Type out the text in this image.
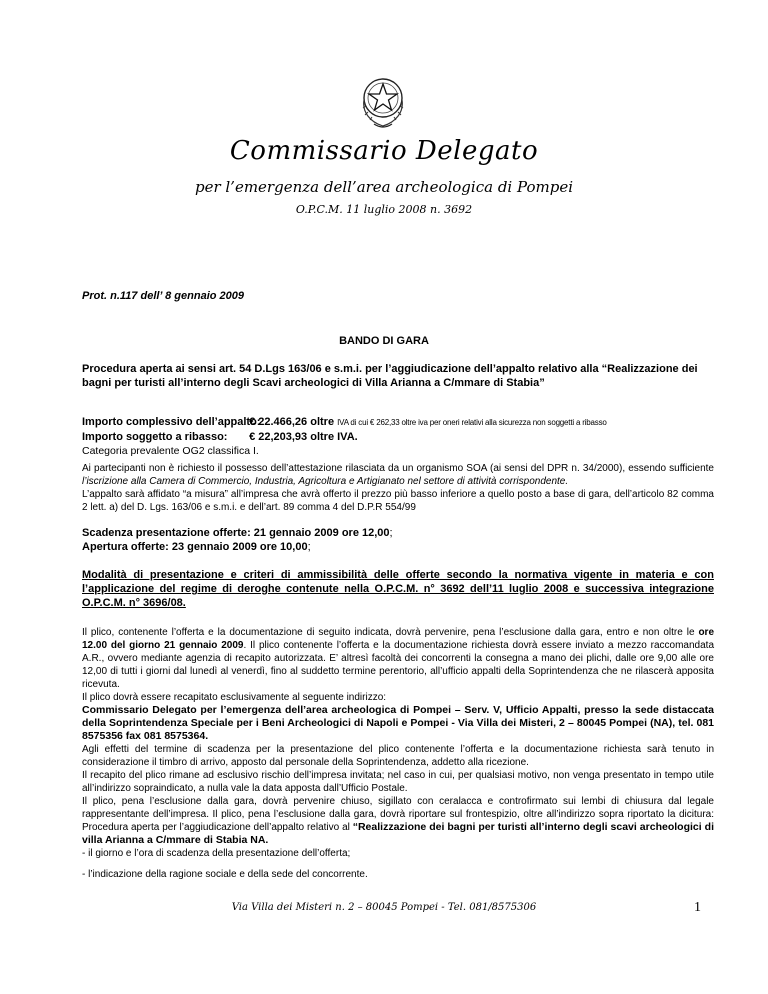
Commissario Delegato
per l’emergenza dell’area archeologica di Pompei
O.P.C.M. 11 luglio 2008 n. 3692
Prot. n.117 dell’ 8 gennaio 2009
BANDO DI GARA
Procedura aperta ai sensi art. 54 D.Lgs 163/06 e s.m.i. per l’aggiudicazione dell’appalto relativo alla “Realizzazione dei bagni per turisti all’interno degli Scavi archeologici di Villa Arianna a C/mmare di Stabia”
Importo complessivo dell’appalto: € 22.466,26 oltre IVA di cui € 262,33 oltre iva per oneri relativi alla sicurezza non soggetti a ribasso
Importo soggetto a ribasso: € 22,203,93 oltre IVA.
Categoria prevalente OG2 classifica I.
Ai partecipanti non è richiesto il possesso dell’attestazione rilasciata da un organismo SOA (ai sensi del DPR n. 34/2000), essendo sufficiente l’iscrizione alla Camera di Commercio, Industria, Agricoltura e Artigianato nel settore di attività corrispondente.
L’appalto sarà affidato “a misura” all’impresa che avrà offerto il prezzo più basso inferiore a quello posto a base di gara, dell’articolo 82 comma 2 lett. a) del D. Lgs. 163/06 e s.m.i. e dell’art. 89 comma 4 del D.P.R 554/99
Scadenza presentazione offerte: 21 gennaio 2009 ore 12,00;
Apertura offerte: 23 gennaio 2009 ore 10,00;
Modalità di presentazione e criteri di ammissibilità delle offerte secondo la normativa vigente in materia e con l’applicazione del regime di deroghe contenute nella O.P.C.M. n° 3692 dell’11 luglio 2008 e successiva integrazione O.P.C.M. n° 3696/08.

Il plico, contenente l’offerta e la documentazione di seguito indicata, dovrà pervenire, pena l’esclusione dalla gara, entro e non oltre le ore 12.00 del giorno 21 gennaio 2009. Il plico contenente l’offerta e la documentazione richiesta dovrà essere inviato a mezzo raccomandata A.R., ovvero mediante agenzia di recapito autorizzata. E’ altresì facoltà dei concorrenti la consegna a mano dei plichi, dalle ore 9,00 alle ore 12,00 di tutti i giorni dal lunedì al venerdì, fino al suddetto termine perentorio, all’ufficio appalti della Soprintendenza che ne rilascerà apposita ricevuta.

Il plico dovrà essere recapitato esclusivamente al seguente indirizzo:

Commissario Delegato per l’emergenza dell’area archeologica di Pompei – Serv. V, Ufficio Appalti, presso la sede distaccata della Soprintendenza Speciale per i Beni Archeologici di Napoli e Pompei - Via Villa dei Misteri, 2 – 80045 Pompei (NA), tel. 081 8575356 fax 081 8575364.

Agli effetti del termine di scadenza per la presentazione del plico contenente l’offerta e la documentazione richiesta sarà tenuto in considerazione il timbro di arrivo, apposto dal personale della Soprintendenza, addetto alla ricezione.

Il recapito del plico rimane ad esclusivo rischio dell’impresa invitata; nel caso in cui, per qualsiasi motivo, non venga presentato in tempo utile all’indirizzo sopraindicato, a nulla vale la data apposta dall’Ufficio Postale.

Il plico, pena l’esclusione dalla gara, dovrà pervenire chiuso, sigillato con ceralacca e controfirmato sui lembi di chiusura dal legale rappresentante dell’impresa. Il plico, pena l’esclusione dalla gara, dovrà riportare sul frontespizio, oltre all’indirizzo sopra riportato la dicitura: Procedura aperta per l’aggiudicazione dell’appalto relativo al “Realizzazione dei bagni per turisti all’interno degli scavi archeologici di villa Arianna a C/mmare di Stabia NA.

- il giorno e l’ora di scadenza della presentazione dell’offerta;

- l’indicazione della ragione sociale e della sede del concorrente.

Via Villa dei Misteri n. 2 – 80045 Pompei - Tel. 081/8575306	1
